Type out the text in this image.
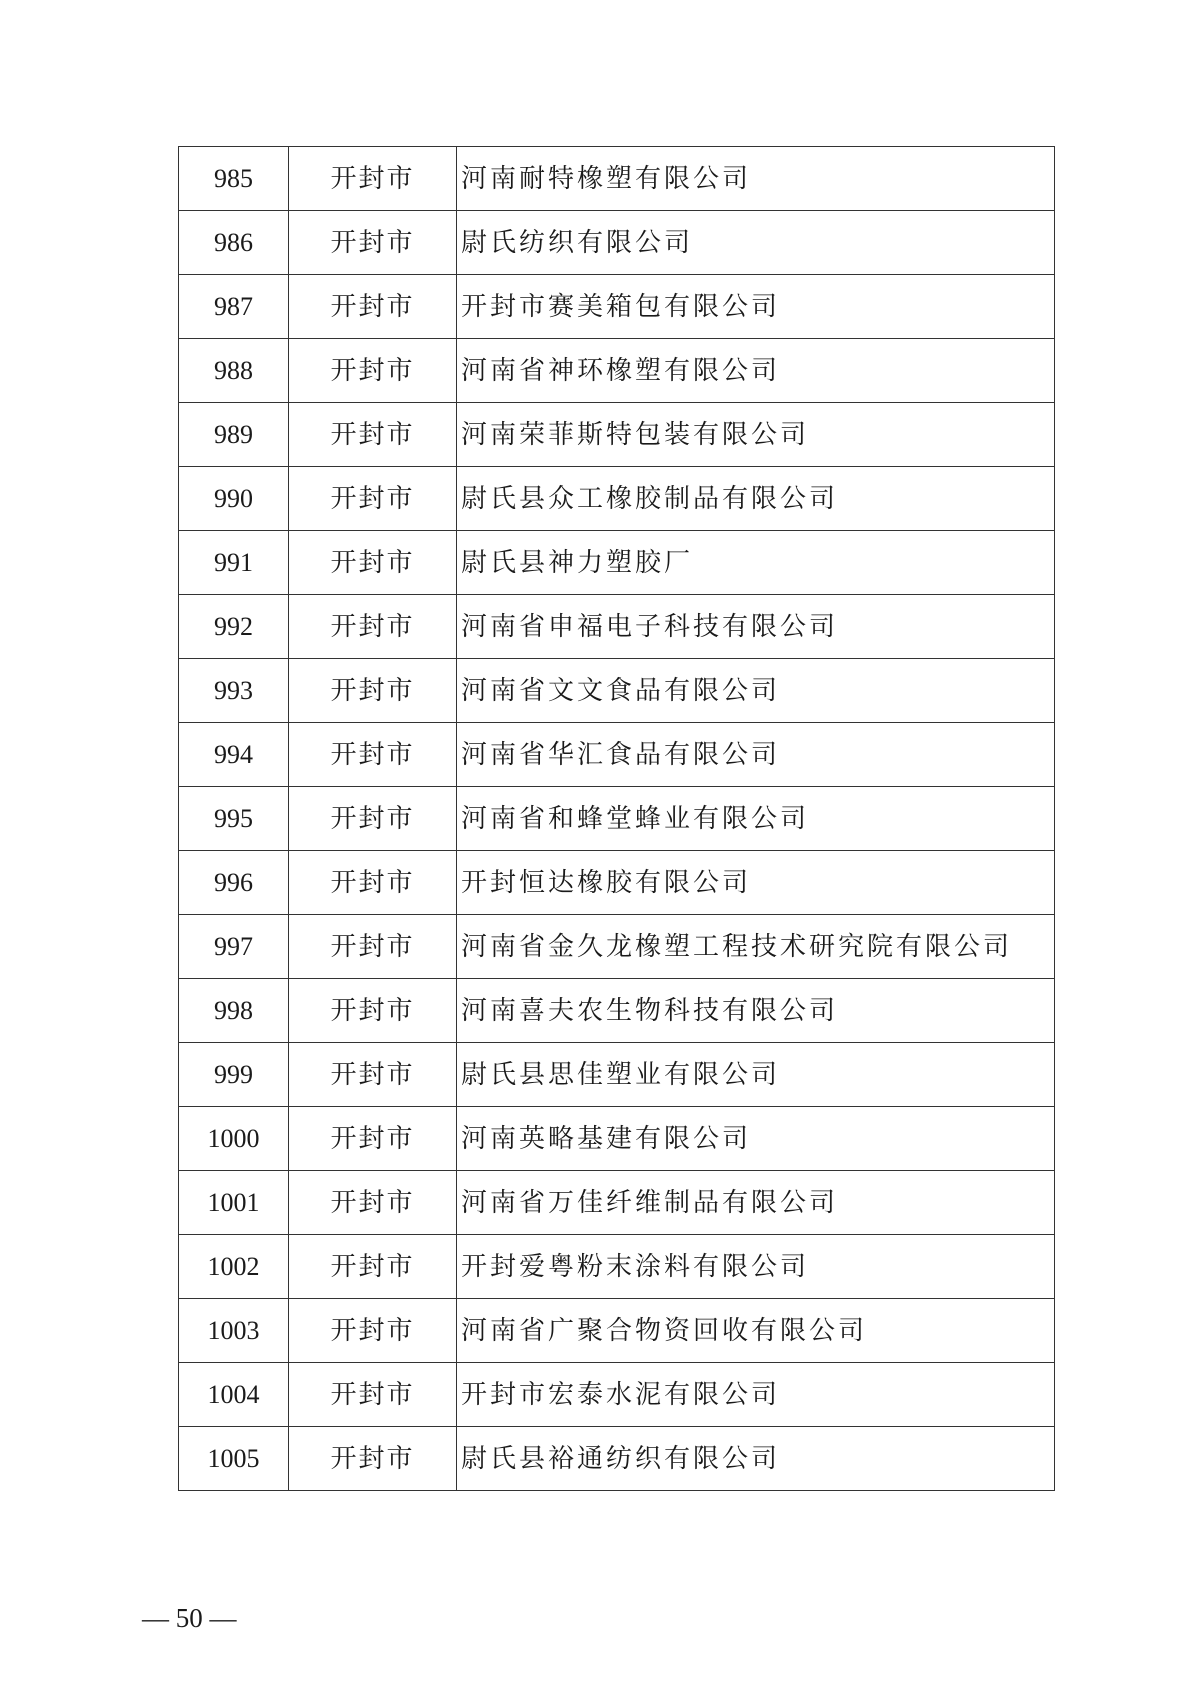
985	开封市	河南耐特橡塑有限公司
986	开封市	尉氏纺织有限公司
987	开封市	开封市赛美箱包有限公司
988	开封市	河南省神环橡塑有限公司
989	开封市	河南荣菲斯特包装有限公司
990	开封市	尉氏县众工橡胶制品有限公司
991	开封市	尉氏县神力塑胶厂
992	开封市	河南省申福电子科技有限公司
993	开封市	河南省文文食品有限公司
994	开封市	河南省华汇食品有限公司
995	开封市	河南省和蜂堂蜂业有限公司
996	开封市	开封恒达橡胶有限公司
997	开封市	河南省金久龙橡塑工程技术研究院有限公司
998	开封市	河南喜夫农生物科技有限公司
999	开封市	尉氏县思佳塑业有限公司
1000	开封市	河南英略基建有限公司
1001	开封市	河南省万佳纤维制品有限公司
1002	开封市	开封爱粤粉末涂料有限公司
1003	开封市	河南省广聚合物资回收有限公司
1004	开封市	开封市宏泰水泥有限公司
1005	开封市	尉氏县裕通纺织有限公司
— 50 —
